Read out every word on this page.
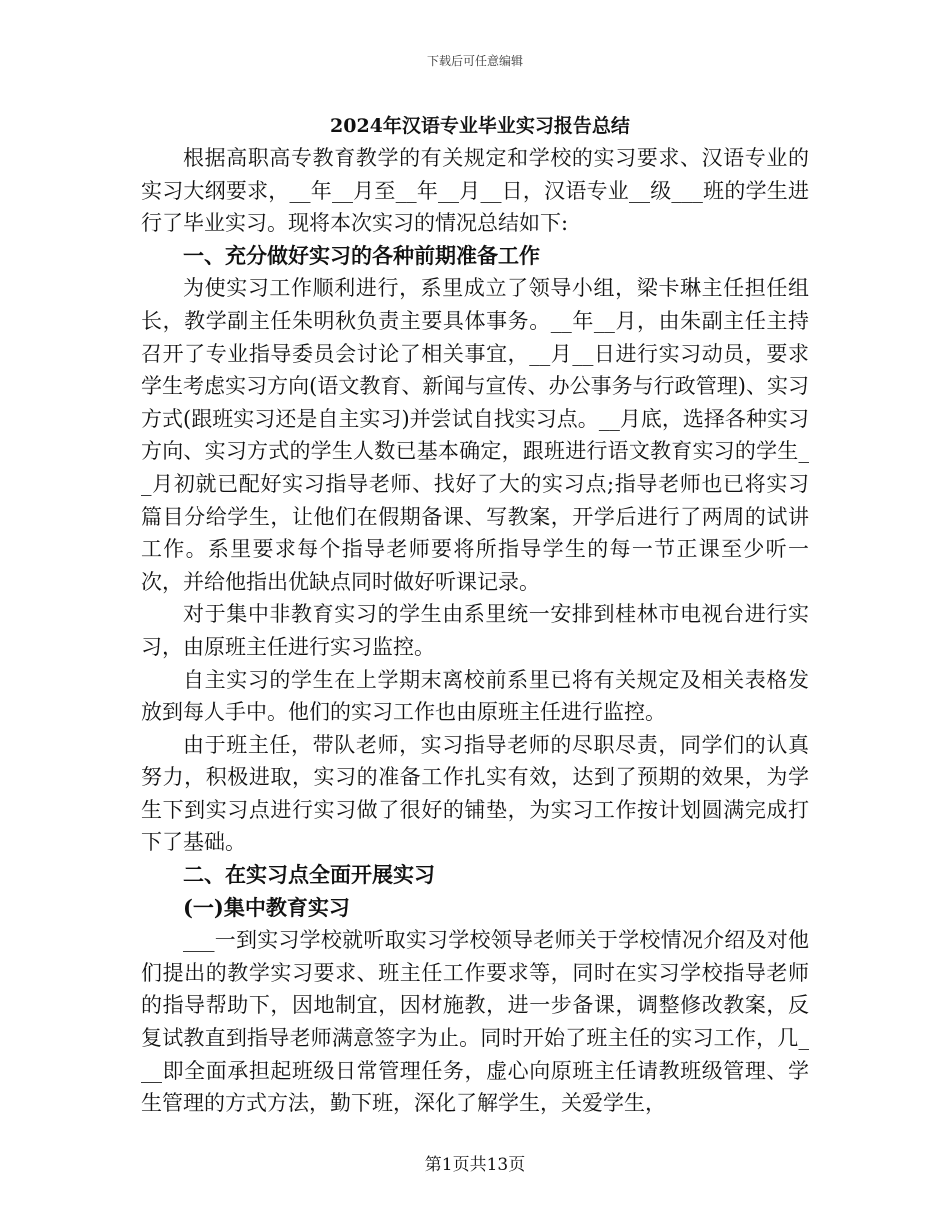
下载后可任意编辑

2024年汉语专业毕业实习报告总结

根据高职高专教育教学的有关规定和学校的实习要求、汉语专业的实习大纲要求，__年__月至__年__月__日，汉语专业__级___班的学生进行了毕业实习。现将本次实习的情况总结如下:

一、充分做好实习的各种前期准备工作

为使实习工作顺利进行，系里成立了领导小组，梁卡琳主任担任组长，教学副主任朱明秋负责主要具体事务。__年__月，由朱副主任主持召开了专业指导委员会讨论了相关事宜，__月__日进行实习动员，要求学生考虑实习方向(语文教育、新闻与宣传、办公事务与行政管理)、实习方式(跟班实习还是自主实习)并尝试自找实习点。__月底，选择各种实习方向、实习方式的学生人数已基本确定，跟班进行语文教育实习的学生__月初就已配好实习指导老师、找好了大的实习点;指导老师也已将实习篇目分给学生，让他们在假期备课、写教案，开学后进行了两周的试讲工作。系里要求每个指导老师要将所指导学生的每一节正课至少听一次，并给他指出优缺点同时做好听课记录。

对于集中非教育实习的学生由系里统一安排到桂林市电视台进行实习，由原班主任进行实习监控。

自主实习的学生在上学期末离校前系里已将有关规定及相关表格发放到每人手中。他们的实习工作也由原班主任进行监控。

由于班主任，带队老师，实习指导老师的尽职尽责，同学们的认真努力，积极进取，实习的准备工作扎实有效，达到了预期的效果，为学生下到实习点进行实习做了很好的铺垫，为实习工作按计划圆满完成打下了基础。

二、在实习点全面开展实习

(一)集中教育实习

___一到实习学校就听取实习学校领导老师关于学校情况介绍及对他们提出的教学实习要求、班主任工作要求等，同时在实习学校指导老师的指导帮助下，因地制宜，因材施教，进一步备课，调整修改教案，反复试教直到指导老师满意签字为止。同时开始了班主任的实习工作，几___即全面承担起班级日常管理任务，虚心向原班主任请教班级管理、学生管理的方式方法，勤下班，深化了解学生，关爱学生，

第1页共13页
